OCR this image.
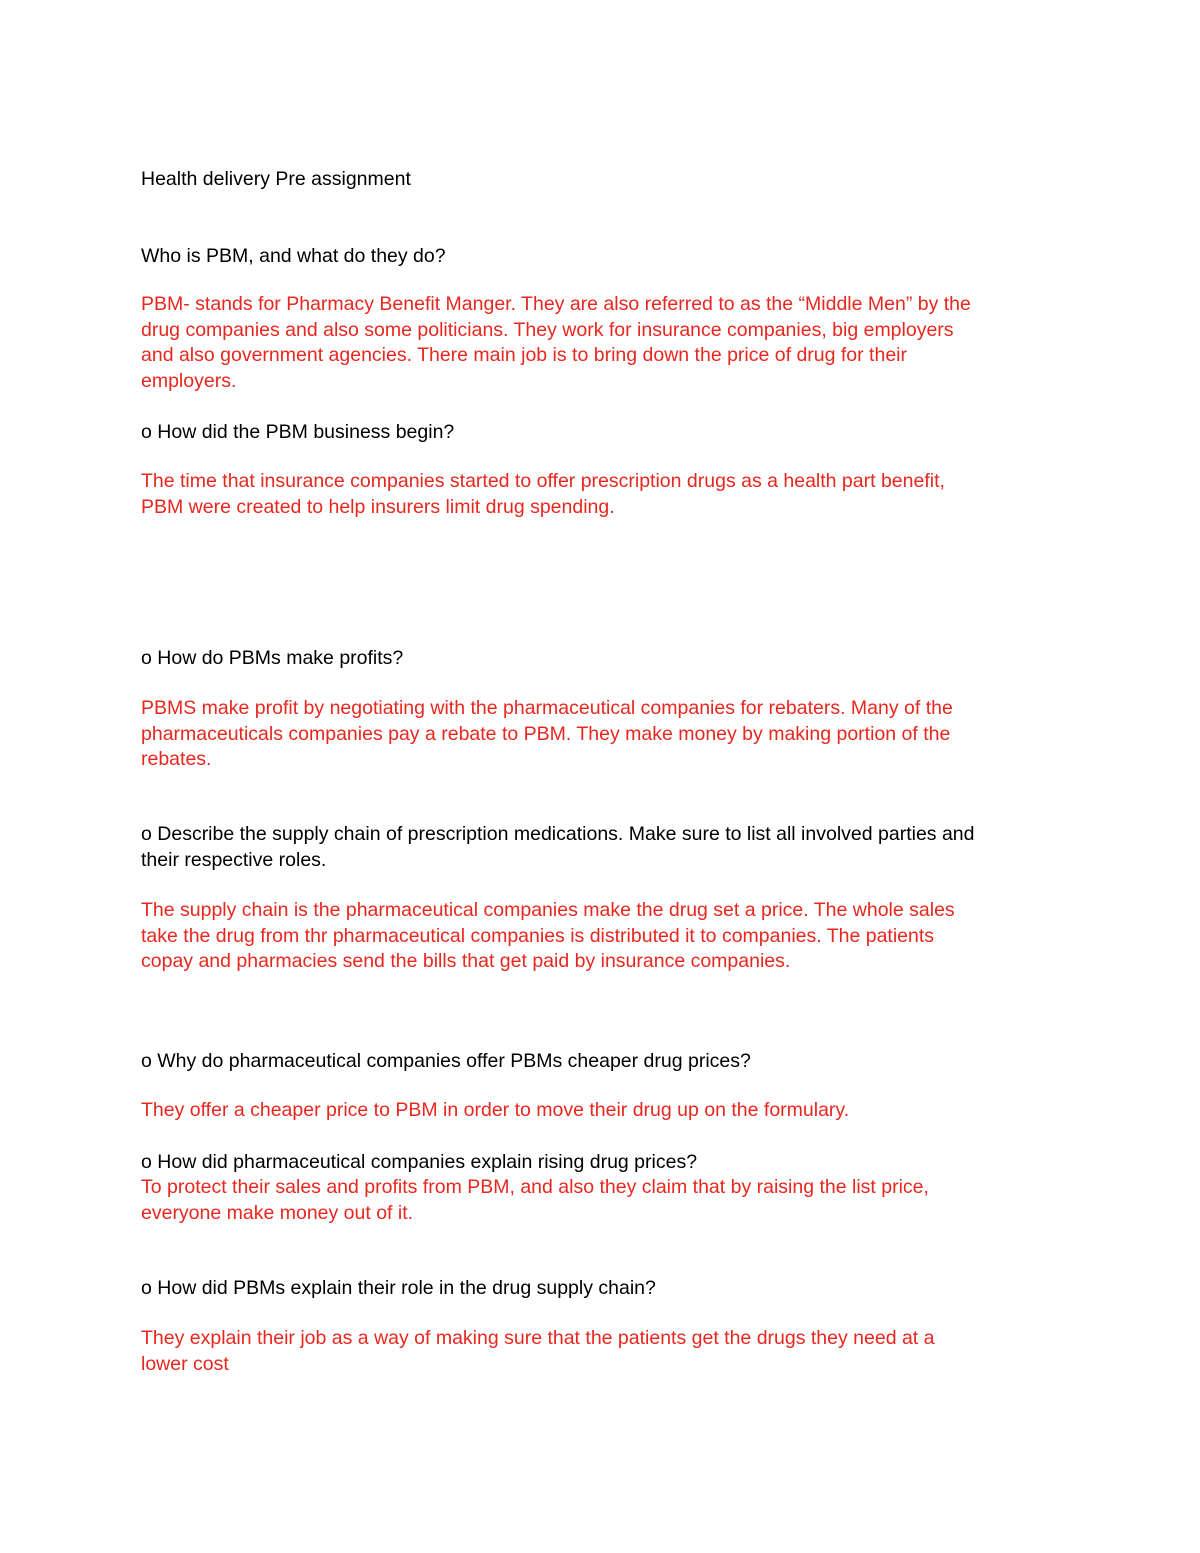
Health delivery Pre assignment
Who is PBM, and what do they do?
PBM- stands for Pharmacy Benefit Manger. They are also referred to as the “Middle Men” by the
drug companies and also some politicians. They work for insurance companies, big employers
and also government agencies. There main job is to bring down the price of drug for their
employers.
o How did the PBM business begin?
The time that insurance companies started to offer prescription drugs as a health part benefit,
PBM were created to help insurers limit drug spending.
o How do PBMs make profits?
PBMS make profit by negotiating with the pharmaceutical companies for rebaters. Many of the
pharmaceuticals companies pay a rebate to PBM. They make money by making portion of the
rebates.
o Describe the supply chain of prescription medications. Make sure to list all involved parties and
their respective roles.
The supply chain is the pharmaceutical companies make the drug set a price. The whole sales
take the drug from thr pharmaceutical companies is distributed it to companies. The patients
copay and pharmacies send the bills that get paid by insurance companies.
o Why do pharmaceutical companies offer PBMs cheaper drug prices?
They offer a cheaper price to PBM in order to move their drug up on the formulary.
o How did pharmaceutical companies explain rising drug prices?
To protect their sales and profits from PBM, and also they claim that by raising the list price,
everyone make money out of it.
o How did PBMs explain their role in the drug supply chain?
They explain their job as a way of making sure that the patients get the drugs they need at a
lower cost
